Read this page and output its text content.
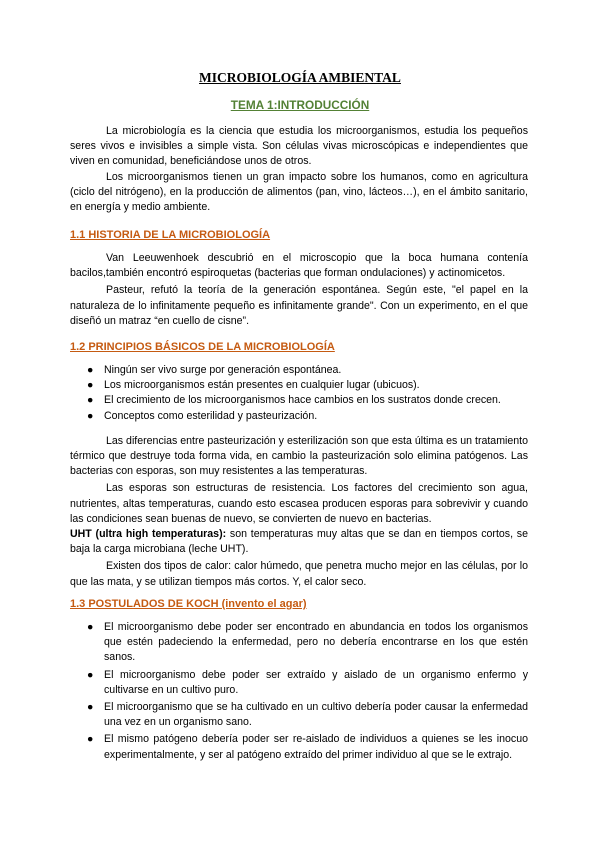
MICROBIOLOGÍA AMBIENTAL
TEMA 1:INTRODUCCIÓN

La microbiología es la ciencia que estudia los microorganismos, estudia los pequeños seres vivos e invisibles a simple vista. Son células vivas microscópicas e independientes que viven en comunidad, beneficiándose unos de otros.

Los microorganismos tienen un gran impacto sobre los humanos, como en agricultura (ciclo del nitrógeno), en la producción de alimentos (pan, vino, lácteos…), en el ámbito sanitario, en energía y medio ambiente.

1.1 HISTORIA DE LA MICROBIOLOGÍA

Van Leeuwenhoek descubrió en el microscopio que la boca humana contenía bacilos,también encontró espiroquetas (bacterias que forman ondulaciones) y actinomicetos.

Pasteur, refutó la teoría de la generación espontánea. Según este, "el papel en la naturaleza de lo infinitamente pequeño es infinitamente grande". Con un experimento, en el que diseñó un matraz “en cuello de cisne”.

1.2 PRINCIPIOS BÁSICOS DE LA MICROBIOLOGÍA
● Ningún ser vivo surge por generación espontánea.
● Los microorganismos están presentes en cualquier lugar (ubicuos).
● El crecimiento de los microorganismos hace cambios en los sustratos donde crecen.
● Conceptos como esterilidad y pasteurización.

Las diferencias entre pasteurización y esterilización son que esta última es un tratamiento térmico que destruye toda forma vida, en cambio la pasteurización solo elimina patógenos. Las bacterias con esporas, son muy resistentes a las temperaturas.

Las esporas son estructuras de resistencia. Los factores del crecimiento son agua, nutrientes, altas temperaturas, cuando esto escasea producen esporas para sobrevivir y cuando las condiciones sean buenas de nuevo, se convierten de nuevo en bacterias.

UHT (ultra high temperaturas): son temperaturas muy altas que se dan en tiempos cortos, se baja la carga microbiana (leche UHT).

Existen dos tipos de calor: calor húmedo, que penetra mucho mejor en las células, por lo que las mata, y se utilizan tiempos más cortos. Y, el calor seco.

1.3 POSTULADOS DE KOCH (invento el agar)
● El microorganismo debe poder ser encontrado en abundancia en todos los organismos que estén padeciendo la enfermedad, pero no debería encontrarse en los que estén sanos.
● El microorganismo debe poder ser extraído y aislado de un organismo enfermo y cultivarse en un cultivo puro.
● El microorganismo que se ha cultivado en un cultivo debería poder causar la enfermedad una vez en un organismo sano.
● El mismo patógeno debería poder ser re-aislado de individuos a quienes se les inocuo experimentalmente, y ser al patógeno extraído del primer individuo al que se le extrajo.
